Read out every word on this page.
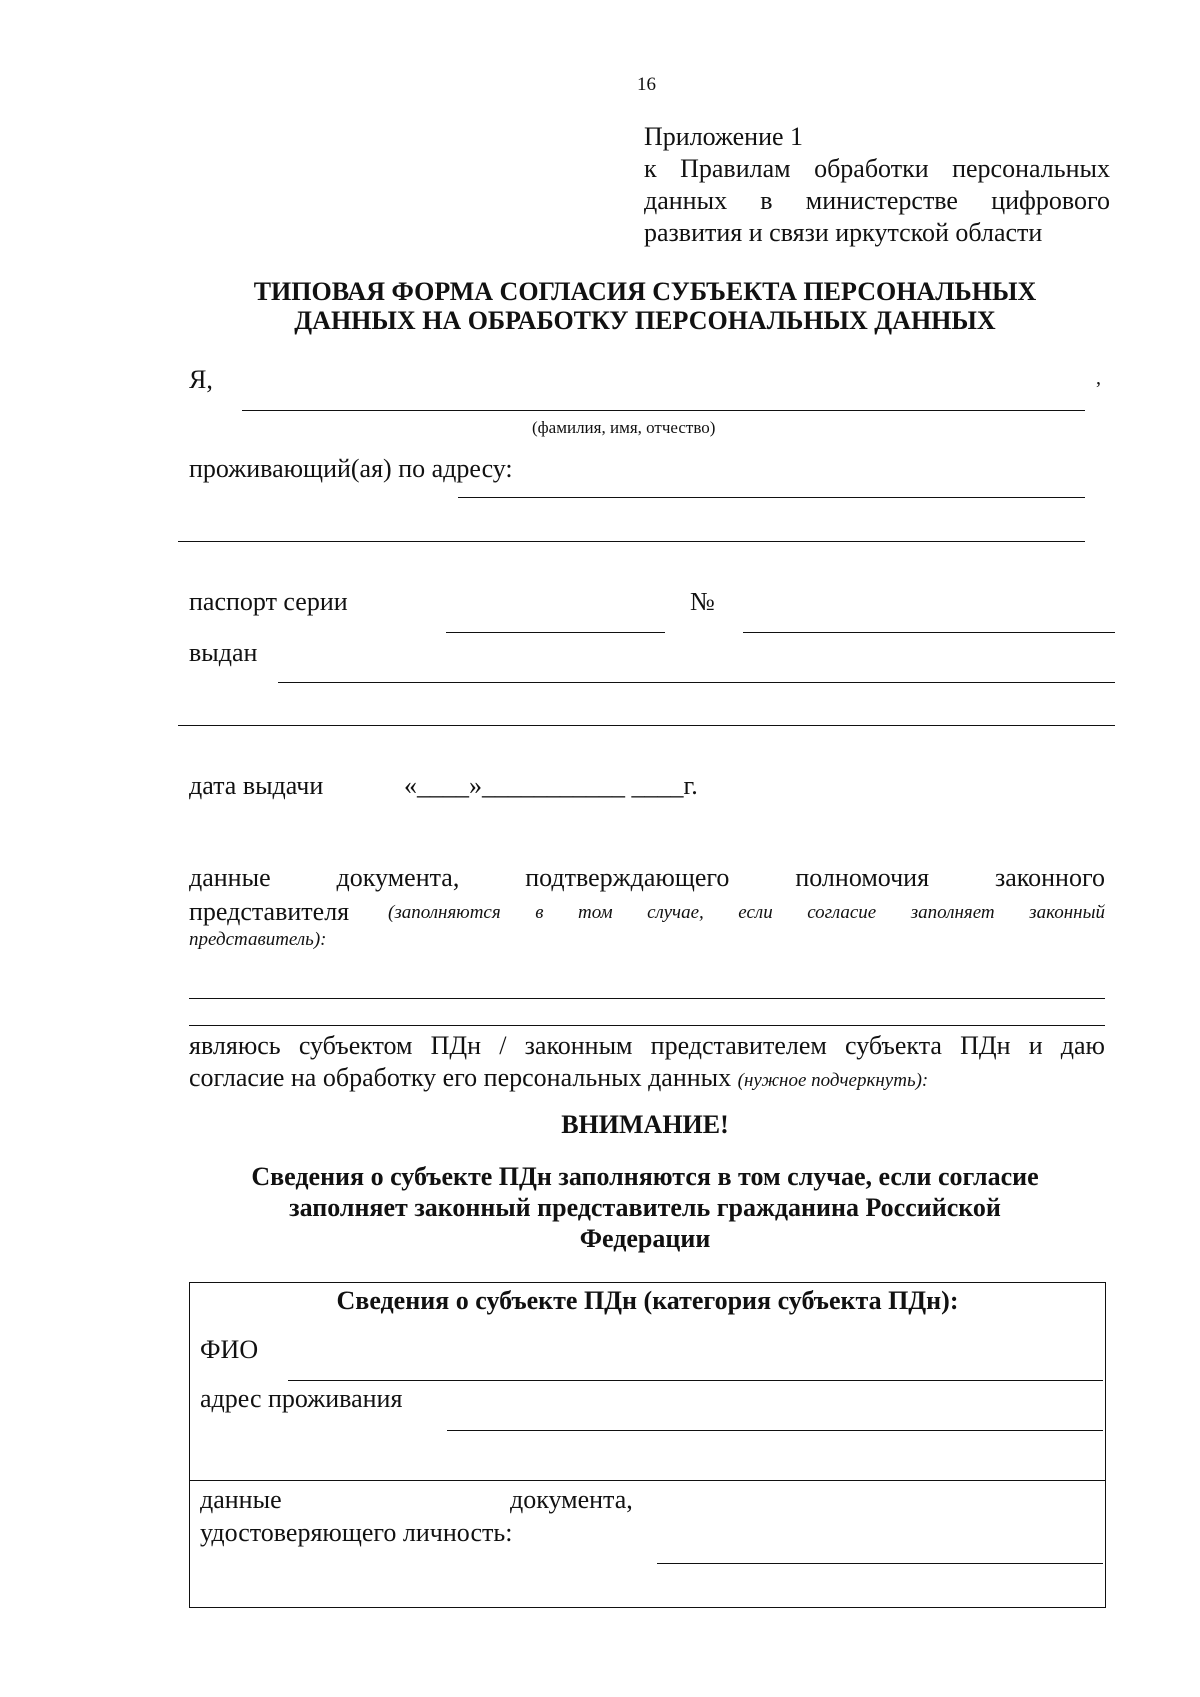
16
Приложение 1
к Правилам обработки персональных
данных в министерстве цифрового
развития и связи иркутской области
ТИПОВАЯ ФОРМА СОГЛАСИЯ СУБЪЕКТА ПЕРСОНАЛЬНЫХ
ДАННЫХ НА ОБРАБОТКУ ПЕРСОНАЛЬНЫХ ДАННЫХ
Я,	,
(фамилия, имя, отчество)
проживающий(ая) по адресу:
паспорт серии	№
выдан
дата выдачи	«____»___________ ____г.
данные	документа,	подтверждающего	полномочия	законного
представителя (заполняются в том случае, если согласие заполняет законный
представитель):
являюсь субъектом ПДн / законным представителем субъекта ПДн и даю
согласие на обработку его персональных данных (нужное подчеркнуть):
ВНИМАНИЕ!
Сведения о субъекте ПДн заполняются в том случае, если согласие
заполняет законный представитель гражданина Российской
Федерации
Сведения о субъекте ПДн (категория субъекта ПДн):
ФИО
адрес проживания
данные	документа,
удостоверяющего личность:
